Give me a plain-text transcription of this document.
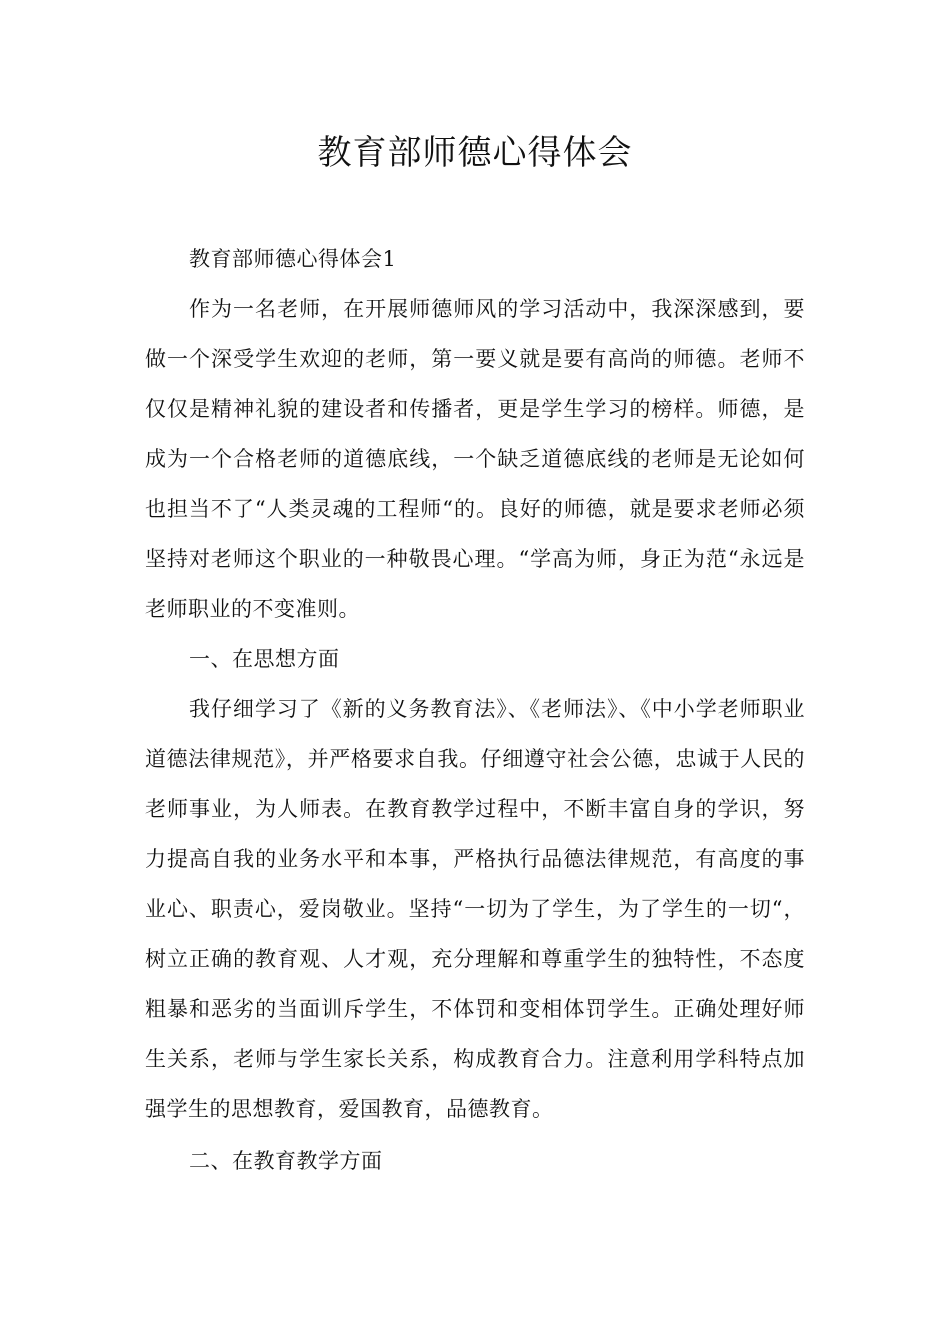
教育部师德心得体会

教育部师德心得体会1

作为一名老师，在开展师德师风的学习活动中，我深深感到，要做一个深受学生欢迎的老师，第一要义就是要有高尚的师德。老师不仅仅是精神礼貌的建设者和传播者，更是学生学习的榜样。师德，是成为一个合格老师的道德底线，一个缺乏道德底线的老师是无论如何也担当不了“人类灵魂的工程师“的。良好的师德，就是要求老师必须坚持对老师这个职业的一种敬畏心理。“学高为师，身正为范“永远是老师职业的不变准则。

一、在思想方面

我仔细学习了《新的义务教育法》、《老师法》、《中小学老师职业道德法律规范》，并严格要求自我。仔细遵守社会公德，忠诚于人民的老师事业，为人师表。在教育教学过程中，不断丰富自身的学识，努力提高自我的业务水平和本事，严格执行品德法律规范，有高度的事业心、职责心，爱岗敬业。坚持“一切为了学生，为了学生的一切“，树立正确的教育观、人才观，充分理解和尊重学生的独特性，不态度粗暴和恶劣的当面训斥学生，不体罚和变相体罚学生。正确处理好师生关系，老师与学生家长关系，构成教育合力。注意利用学科特点加强学生的思想教育，爱国教育，品德教育。

二、在教育教学方面
